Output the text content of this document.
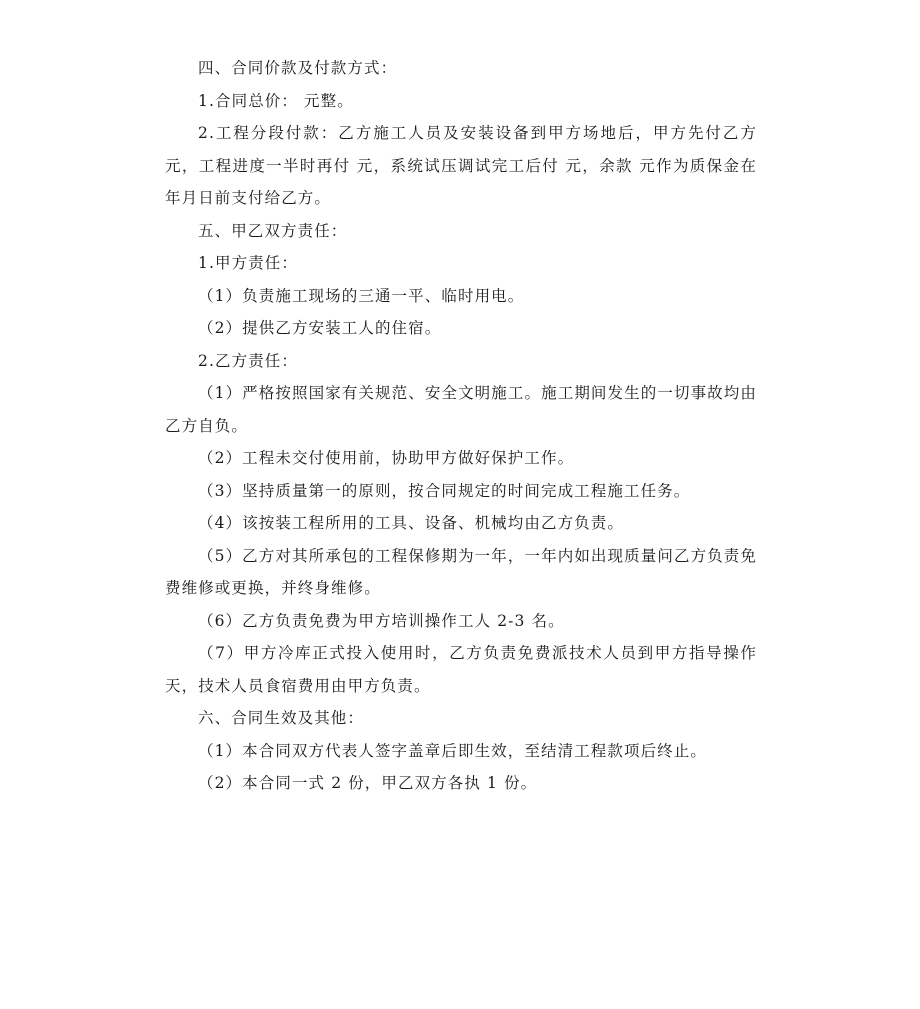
四、合同价款及付款方式：

1.合同总价： 元整。

2.工程分段付款：乙方施工人员及安装设备到甲方场地后，甲方先付乙方元，工程进度一半时再付 元，系统试压调试完工后付 元，余款 元作为质保金在 年月日前支付给乙方。

五、甲乙双方责任：

1.甲方责任：

（1）负责施工现场的三通一平、临时用电。

（2）提供乙方安装工人的住宿。

2.乙方责任：

（1）严格按照国家有关规范、安全文明施工。施工期间发生的一切事故均由乙方自负。

（2）工程未交付使用前，协助甲方做好保护工作。

（3）坚持质量第一的原则，按合同规定的时间完成工程施工任务。

（4）该按装工程所用的工具、设备、机械均由乙方负责。

（5）乙方对其所承包的工程保修期为一年，一年内如出现质量问乙方负责免费维修或更换，并终身维修。

（6）乙方负责免费为甲方培训操作工人 2-3 名。

（7）甲方冷库正式投入使用时，乙方负责免费派技术人员到甲方指导操作 天，技术人员食宿费用由甲方负责。

六、合同生效及其他：

（1）本合同双方代表人签字盖章后即生效，至结清工程款项后终止。

（2）本合同一式 2 份，甲乙双方各执 1 份。
